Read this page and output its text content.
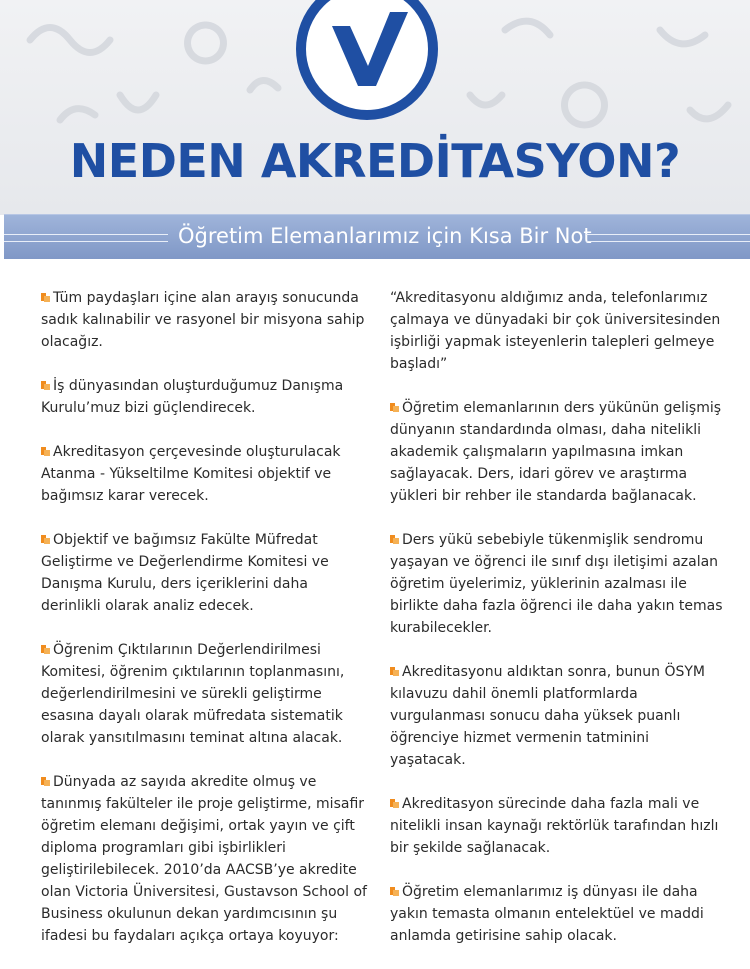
NEDEN AKREDİTASYON?
Öğretim Elemanlarımız için Kısa Bir Not

Tüm paydaşları içine alan arayış sonucunda sadık kalınabilir ve rasyonel bir misyona sahip olacağız.

İş dünyasından oluşturduğumuz Danışma Kurulu’muz bizi güçlendirecek.

Akreditasyon çerçevesinde oluşturulacak Atanma - Yükseltilme Komitesi objektif ve bağımsız karar verecek.

Objektif ve bağımsız Fakülte Müfredat Geliştirme ve Değerlendirme Komitesi ve Danışma Kurulu, ders içeriklerini daha derinlikli olarak analiz edecek.

Öğrenim Çıktılarının Değerlendirilmesi Komitesi, öğrenim çıktılarının toplanmasını, değerlendirilmesini ve sürekli geliştirme esasına dayalı olarak müfredata sistematik olarak yansıtılmasını teminat altına alacak.

Dünyada az sayıda akredite olmuş ve tanınmış fakülteler ile proje geliştirme, misafir öğretim elemanı değişimi, ortak yayın ve çift diploma programları gibi işbirlikleri geliştirilebilecek. 2010’da AACSB’ye akredite olan Victoria Üniversitesi, Gustavson School of Business okulunun dekan yardımcısının şu ifadesi bu faydaları açıkça ortaya koyuyor:

“Akreditasyonu aldığımız anda, telefonlarımız çalmaya ve dünyadaki bir çok üniversitesinden işbirliği yapmak isteyenlerin talepleri gelmeye başladı”

Öğretim elemanlarının ders yükünün gelişmiş dünyanın standardında olması, daha nitelikli akademik çalışmaların yapılmasına imkan sağlayacak. Ders, idari görev ve araştırma yükleri bir rehber ile standarda bağlanacak.

Ders yükü sebebiyle tükenmişlik sendromu yaşayan ve öğrenci ile sınıf dışı iletişimi azalan öğretim üyelerimiz, yüklerinin azalması ile birlikte daha fazla öğrenci ile daha yakın temas kurabilecekler.

Akreditasyonu aldıktan sonra, bunun ÖSYM kılavuzu dahil önemli platformlarda vurgulanması sonucu daha yüksek puanlı öğrenciye hizmet vermenin tatminini yaşatacak.

Akreditasyon sürecinde daha fazla mali ve nitelikli insan kaynağı rektörlük tarafından hızlı bir şekilde sağlanacak.

Öğretim elemanlarımız iş dünyası ile daha yakın temasta olmanın entelektüel ve maddi anlamda getirisine sahip olacak.
